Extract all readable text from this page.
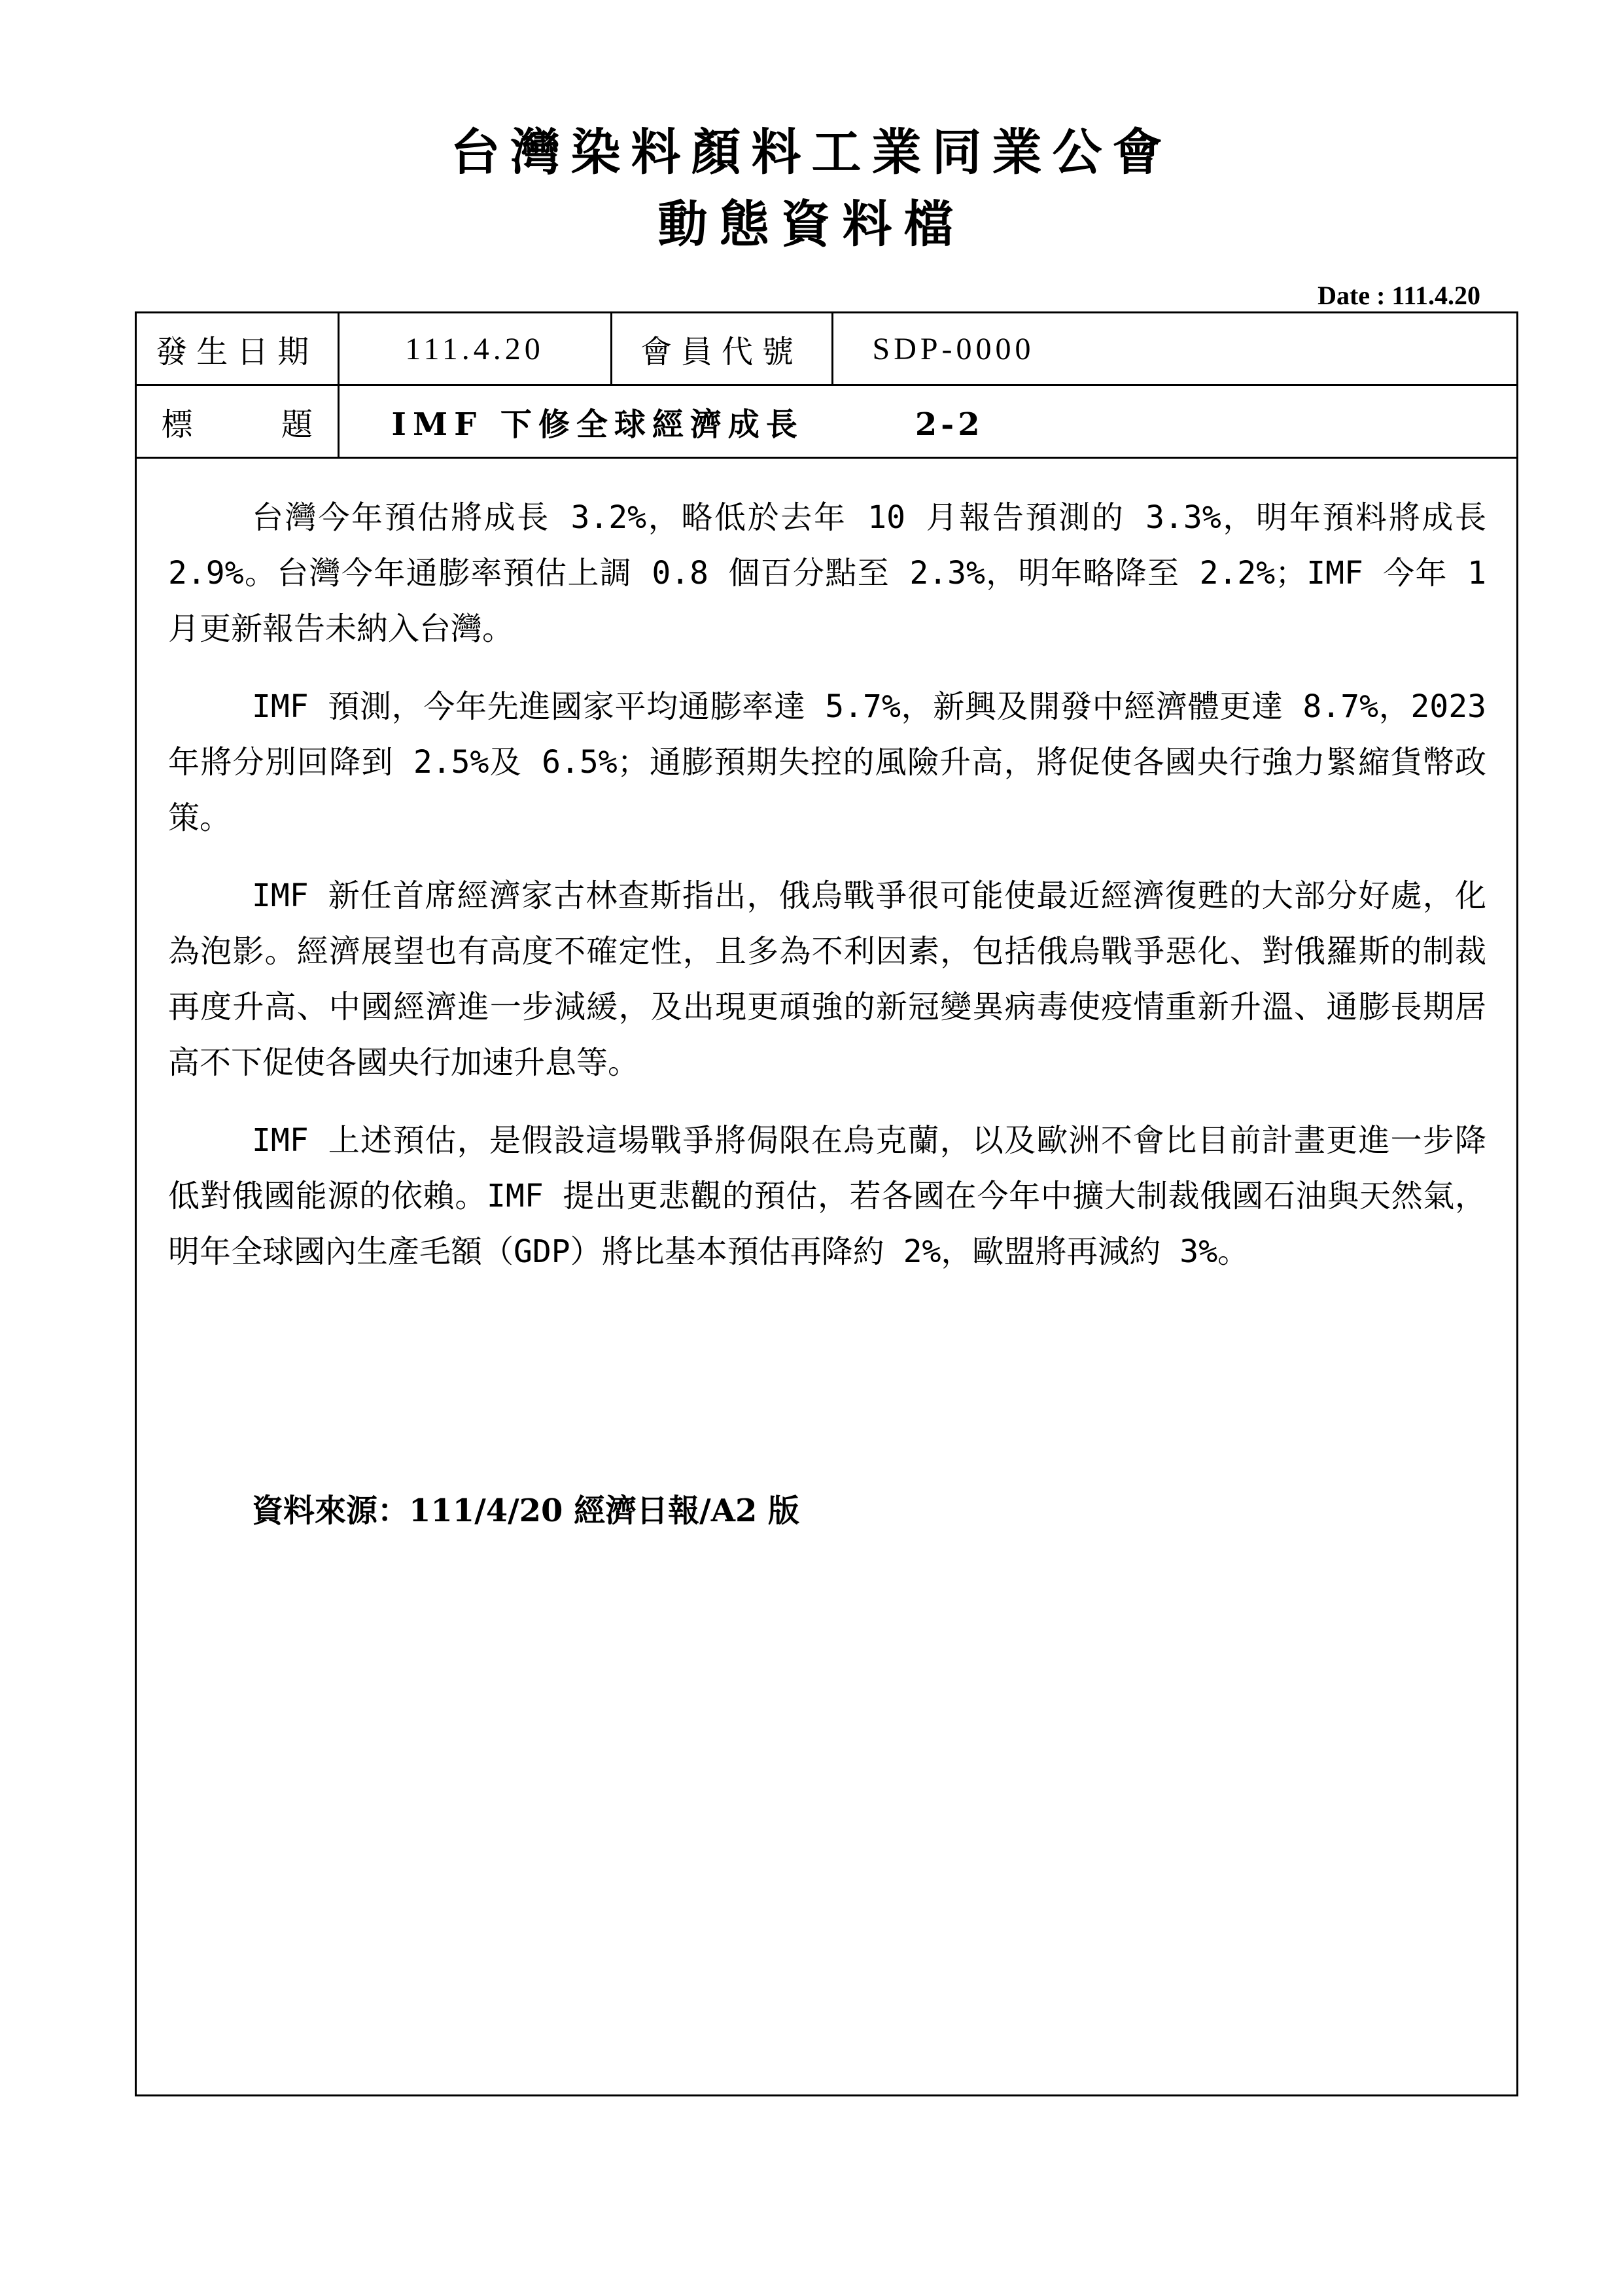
台灣染料顏料工業同業公會
動態資料檔
Date : 111.4.20
發生日期	111.4.20	會員代號	SDP-0000
標 題	IMF 下修全球經濟成長 2-2		

台灣今年預估將成長 3.2%，略低於去年 10 月報告預測的 3.3%，明年預料將成長 2.9%。台灣今年通膨率預估上調 0.8 個百分點至 2.3%，明年略降至 2.2%；IMF 今年 1 月更新報告未納入台灣。

IMF 預測，今年先進國家平均通膨率達 5.7%，新興及開發中經濟體更達 8.7%，2023 年將分別回降到 2.5%及 6.5%；通膨預期失控的風險升高，將促使各國央行強力緊縮貨幣政策。

IMF 新任首席經濟家古林查斯指出，俄烏戰爭很可能使最近經濟復甦的大部分好處，化為泡影。經濟展望也有高度不確定性，且多為不利因素，包括俄烏戰爭惡化、對俄羅斯的制裁再度升高、中國經濟進一步減緩，及出現更頑強的新冠變異病毒使疫情重新升溫、通膨長期居高不下促使各國央行加速升息等。

IMF 上述預估，是假設這場戰爭將侷限在烏克蘭，以及歐洲不會比目前計畫更進一步降低對俄國能源的依賴。IMF 提出更悲觀的預估，若各國在今年中擴大制裁俄國石油與天然氣，明年全球國內生產毛額（GDP）將比基本預估再降約 2%，歐盟將再減約 3%。

資料來源：111/4/20 經濟日報/A2 版
